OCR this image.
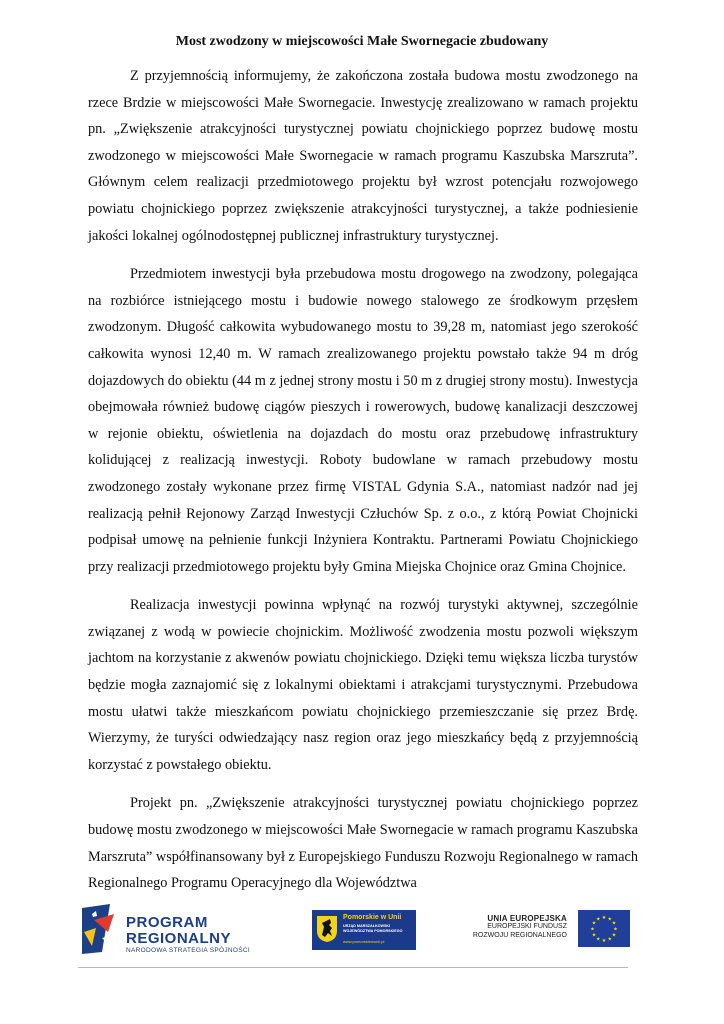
Most zwodzony w miejscowości Małe Swornegacie zbudowany

Z przyjemnością informujemy, że zakończona została budowa mostu zwodzonego na rzece Brdzie w miejscowości Małe Swornegacie. Inwestycję zrealizowano w ramach projektu pn. „Zwiększenie atrakcyjności turystycznej powiatu chojnickiego poprzez budowę mostu zwodzonego w miejscowości Małe Swornegacie w ramach programu Kaszubska Marszruta”. Głównym celem realizacji przedmiotowego projektu był wzrost potencjału rozwojowego powiatu chojnickiego poprzez zwiększenie atrakcyjności turystycznej, a także podniesienie jakości lokalnej ogólnodostępnej publicznej infrastruktury turystycznej.

Przedmiotem inwestycji była przebudowa mostu drogowego na zwodzony, polegająca na rozbiórce istniejącego mostu i budowie nowego stalowego ze środkowym przęsłem zwodzonym. Długość całkowita wybudowanego mostu to 39,28 m, natomiast jego szerokość całkowita wynosi 12,40 m. W ramach zrealizowanego projektu powstało także 94 m dróg dojazdowych do obiektu (44 m z jednej strony mostu i 50 m z drugiej strony mostu). Inwestycja obejmowała również budowę ciągów pieszych i rowerowych, budowę kanalizacji deszczowej w rejonie obiektu, oświetlenia na dojazdach do mostu oraz przebudowę infrastruktury kolidującej z realizacją inwestycji. Roboty budowlane w ramach przebudowy mostu zwodzonego zostały wykonane przez firmę VISTAL Gdynia S.A., natomiast nadzór nad jej realizacją pełnił Rejonowy Zarząd Inwestycji Człuchów Sp. z o.o., z którą Powiat Chojnicki podpisał umowę na pełnienie funkcji Inżyniera Kontraktu. Partnerami Powiatu Chojnickiego przy realizacji przedmiotowego projektu były Gmina Miejska Chojnice oraz Gmina Chojnice.

Realizacja inwestycji powinna wpłynąć na rozwój turystyki aktywnej, szczególnie związanej z wodą w powiecie chojnickim. Możliwość zwodzenia mostu pozwoli większym jachtom na korzystanie z akwenów powiatu chojnickiego. Dzięki temu większa liczba turystów będzie mogła zaznajomić się z lokalnymi obiektami i atrakcjami turystycznymi. Przebudowa mostu ułatwi także mieszkańcom powiatu chojnickiego przemieszczanie się przez Brdę. Wierzymy, że turyści odwiedzający nasz region oraz jego mieszkańcy będą z przyjemnością korzystać z powstałego obiektu.

Projekt pn. „Zwiększenie atrakcyjności turystycznej powiatu chojnickiego poprzez budowę mostu zwodzonego w miejscowości Małe Swornegacie w ramach programu Kaszubska Marszruta” współfinansowany był z Europejskiego Funduszu Rozwoju Regionalnego w ramach Regionalnego Programu Operacyjnego dla Województwa

PROGRAM
REGIONALNY
NARODOWA STRATEGIA SPÓJNOŚCI
Pomorskie w Unii
URZĄD MARSZAŁKOWSKI
WOJEWÓDZTWA POMORSKIEGO
www.pomorskiewunii.pl
UNIA EUROPEJSKA
EUROPEJSKI FUNDUSZ
ROZWOJU REGIONALNEGO
★ ★
★
★
★
★
★
★
★
★
★
★
